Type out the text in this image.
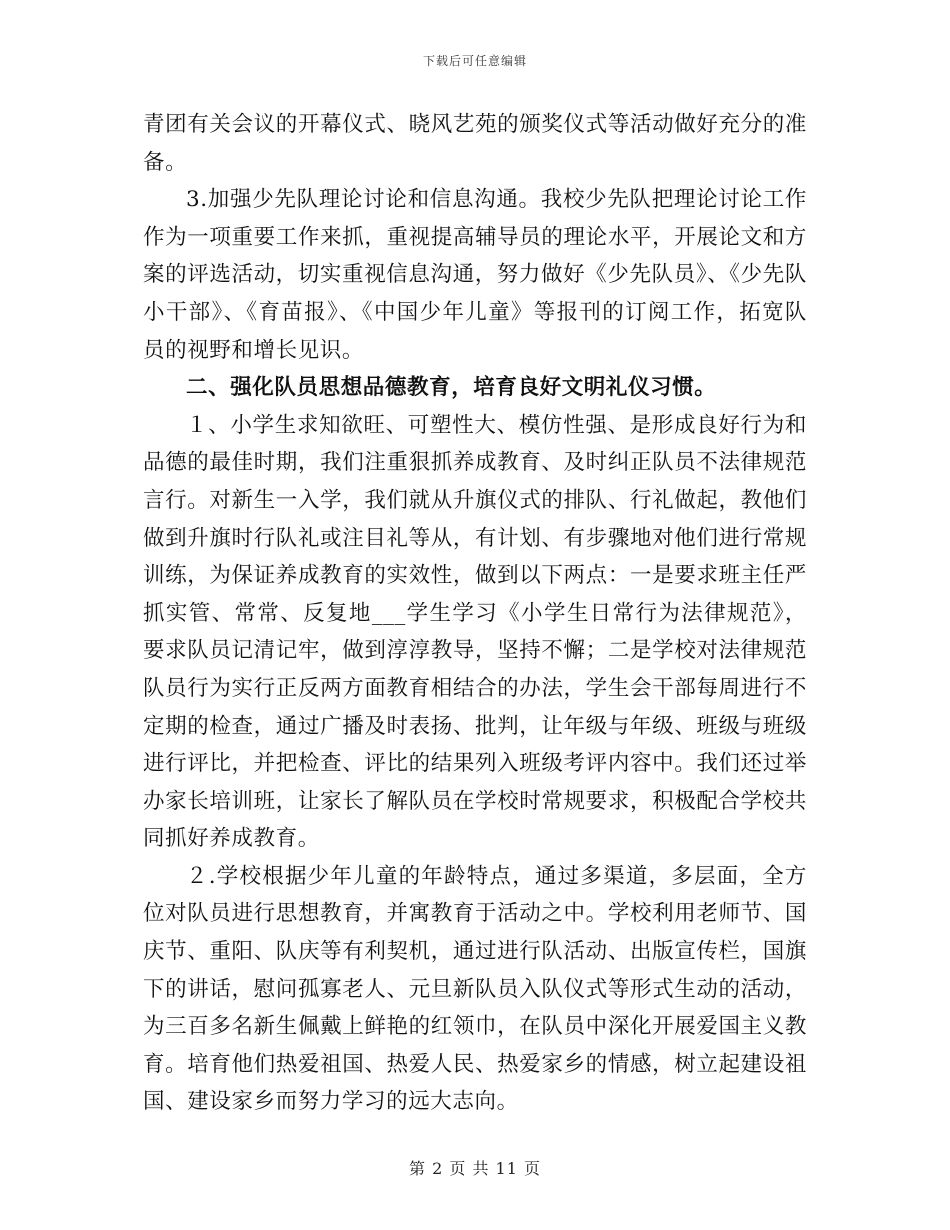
下载后可任意编辑

青团有关会议的开幕仪式、晓风艺苑的颁奖仪式等活动做好充分的准备。

3.加强少先队理论讨论和信息沟通。我校少先队把理论讨论工作作为一项重要工作来抓，重视提高辅导员的理论水平，开展论文和方案的评选活动，切实重视信息沟通，努力做好《少先队员》、《少先队小干部》、《育苗报》、《中国少年儿童》等报刊的订阅工作，拓宽队员的视野和增长见识。

二、强化队员思想品德教育，培育良好文明礼仪习惯。

１、小学生求知欲旺、可塑性大、模仿性强、是形成良好行为和品德的最佳时期，我们注重狠抓养成教育、及时纠正队员不法律规范言行。对新生一入学，我们就从升旗仪式的排队、行礼做起，教他们做到升旗时行队礼或注目礼等从，有计划、有步骤地对他们进行常规训练，为保证养成教育的实效性，做到以下两点：一是要求班主任严抓实管、常常、反复地___学生学习《小学生日常行为法律规范》，要求队员记清记牢，做到淳淳教导，坚持不懈；二是学校对法律规范队员行为实行正反两方面教育相结合的办法，学生会干部每周进行不定期的检查，通过广播及时表扬、批判，让年级与年级、班级与班级进行评比，并把检查、评比的结果列入班级考评内容中。我们还过举办家长培训班，让家长了解队员在学校时常规要求，积极配合学校共同抓好养成教育。

２.学校根据少年儿童的年龄特点，通过多渠道，多层面，全方位对队员进行思想教育，并寓教育于活动之中。学校利用老师节、国庆节、重阳、队庆等有利契机，通过进行队活动、出版宣传栏，国旗下的讲话，慰问孤寡老人、元旦新队员入队仪式等形式生动的活动，为三百多名新生佩戴上鲜艳的红领巾，在队员中深化开展爱国主义教育。培育他们热爱祖国、热爱人民、热爱家乡的情感，树立起建设祖国、建设家乡而努力学习的远大志向。

第 2 页 共 11 页
